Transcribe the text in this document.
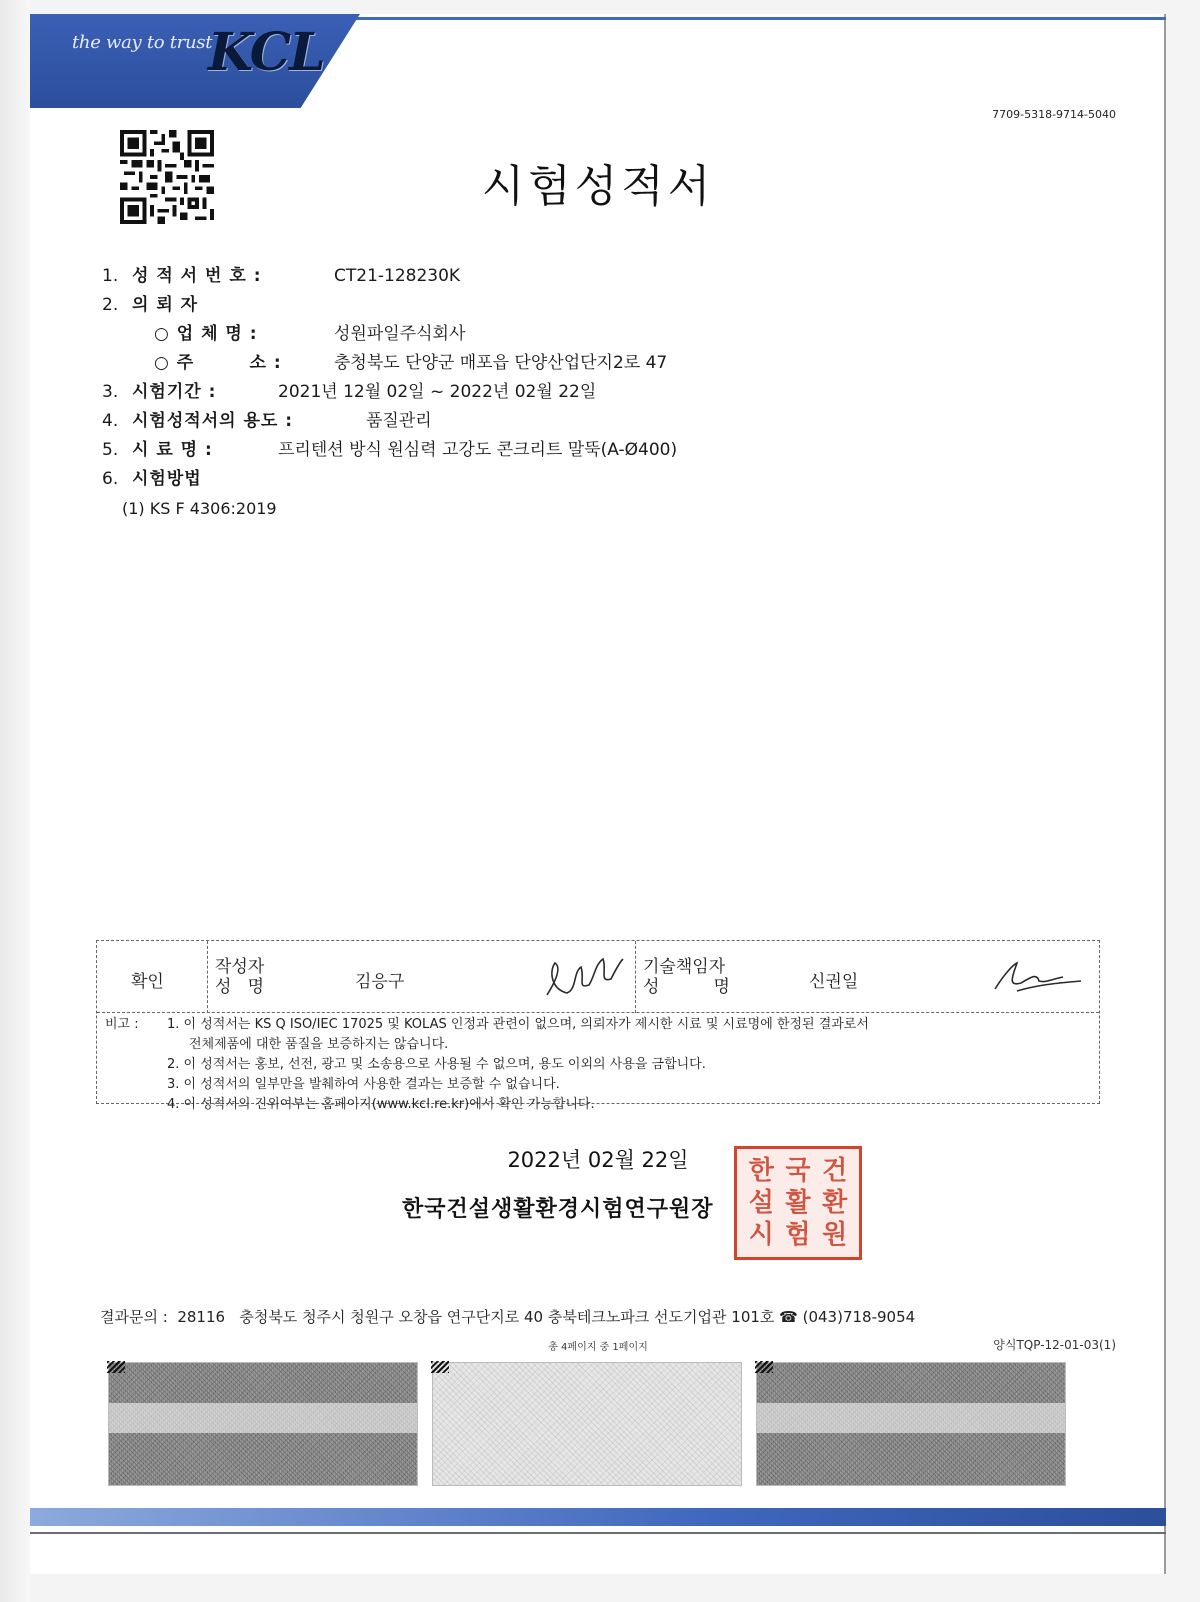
the way to trust
KCL
7709-5318-9714-5040
시험성적서
1. 성 적 서 번 호 :	CT21-128230K
2. 의 뢰 자
○ 업 체 명 :	성원파일주식회사
○ 주        소 :	충청북도 단양군 매포읍 단양산업단지2로 47
3. 시험기간 :	2021년 12월 02일 ~ 2022년 02월 22일
4. 시험성적서의 용도 :	품질관리
5. 시 료 명 :	프리텐션 방식 원심력 고강도 콘크리트 말뚝(A-Ø400)
6. 시험방법
(1) KS F 4306:2019
확인
작성자
성   명	김응구
기술책임자
성          명	신권일
비고 : 1. 이 성적서는 KS Q ISO/IEC 17025 및 KOLAS 인정과 관련이 없으며, 의뢰자가 제시한 시료 및 시료명에 한정된 결과로서
전체제품에 대한 품질을 보증하지는 않습니다.
2. 이 성적서는 홍보, 선전, 광고 및 소송용으로 사용될 수 없으며, 용도 이외의 사용을 금합니다.
3. 이 성적서의 일부만을 발췌하여 사용한 결과는 보증할 수 없습니다.
4. 이 성적서의 진위여부는 홈페이지(www.kcl.re.kr)에서 확인 가능합니다.
2022년 02월 22일	한 국 건
설 활 환
시 험 원
한국건설생활환경시험연구원장
결과문의 :  28116   충청북도 청주시 청원구 오창읍 연구단지로 40 충북테크노파크 선도기업관 101호 ☎ (043)718-9054
총 4페이지 중 1페이지	양식TQP-12-01-03(1)
